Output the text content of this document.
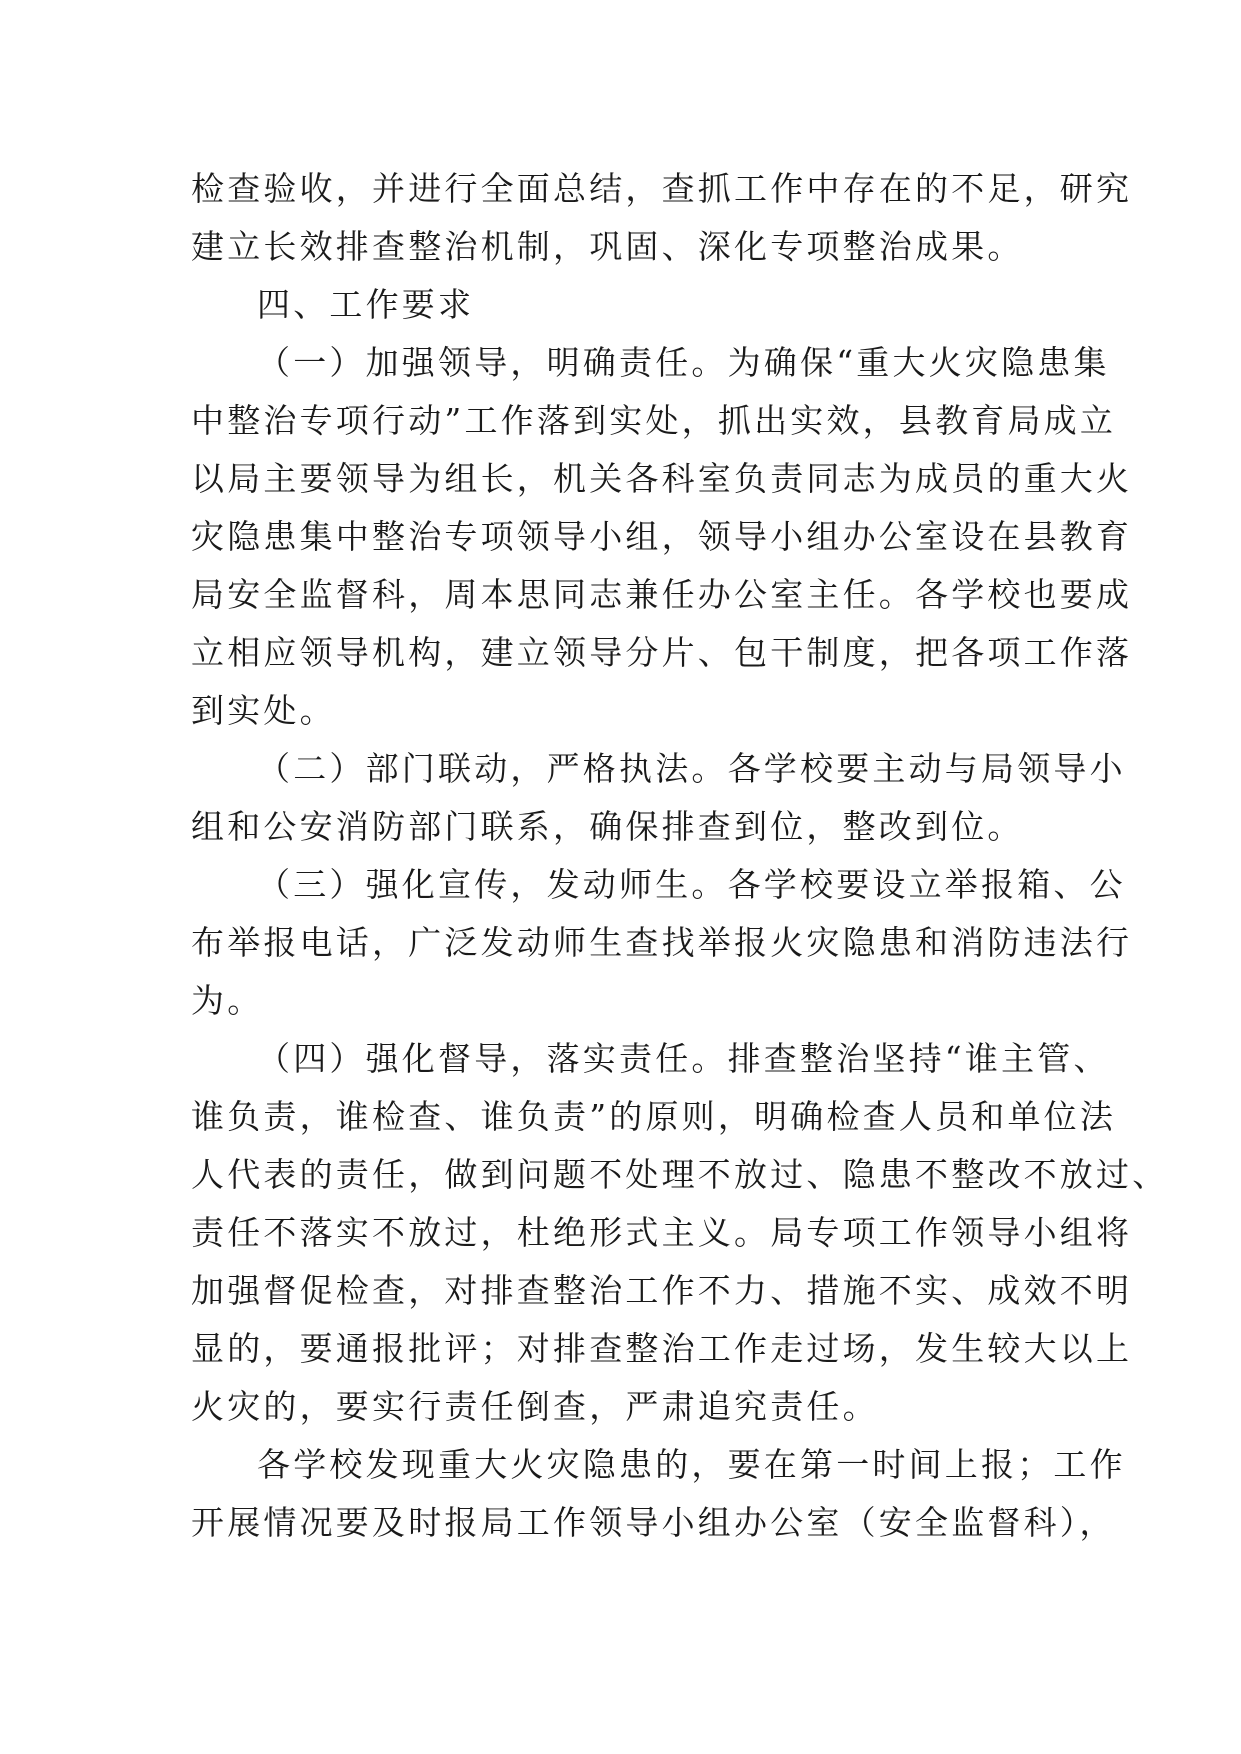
检查验收，并进行全面总结，查抓工作中存在的不足，研究
建立长效排查整治机制，巩固、深化专项整治成果。
四、工作要求
（一）加强领导，明确责任。为确保“重大火灾隐患集
中整治专项行动”工作落到实处，抓出实效，县教育局成立
以局主要领导为组长，机关各科室负责同志为成员的重大火
灾隐患集中整治专项领导小组，领导小组办公室设在县教育
局安全监督科，周本思同志兼任办公室主任。各学校也要成
立相应领导机构，建立领导分片、包干制度，把各项工作落
到实处。
（二）部门联动，严格执法。各学校要主动与局领导小
组和公安消防部门联系，确保排查到位，整改到位。
（三）强化宣传，发动师生。各学校要设立举报箱、公
布举报电话，广泛发动师生查找举报火灾隐患和消防违法行
为。
（四）强化督导，落实责任。排查整治坚持“谁主管、
谁负责，谁检查、谁负责”的原则，明确检查人员和单位法
人代表的责任，做到问题不处理不放过、隐患不整改不放过、
责任不落实不放过，杜绝形式主义。局专项工作领导小组将
加强督促检查，对排查整治工作不力、措施不实、成效不明
显的，要通报批评；对排查整治工作走过场，发生较大以上
火灾的，要实行责任倒查，严肃追究责任。
各学校发现重大火灾隐患的，要在第一时间上报；工作
开展情况要及时报局工作领导小组办公室（安全监督科），
